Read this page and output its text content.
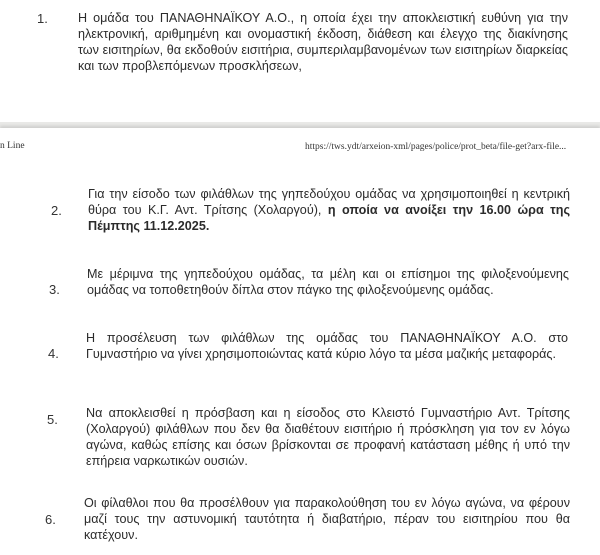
1. Η ομάδα του ΠΑΝΑΘΗΝΑΪΚΟΥ Α.Ο., η οποία έχει την αποκλειστική ευθύνη για την ηλεκτρονική, αριθμημένη και ονομαστική έκδοση, διάθεση και έλεγχο της διακίνησης των εισιτηρίων, θα εκδοθούν εισιτήρια, συμπεριλαμβανομένων των εισιτηρίων διαρκείας και των προβλεπόμενων προσκλήσεων,
n Line	https://tws.ydt/arxeion-xml/pages/police/prot_beta/file-get?arx-file...
2.
Για την είσοδο των φιλάθλων της γηπεδούχου ομάδας να χρησιμοποιηθεί η κεντρική θύρα του Κ.Γ. Αντ. Τρίτσης (Χολαργού), η οποία να ανοίξει την 16.00 ώρα της Πέμπτης 11.12.2025.
3.
Με μέριμνα της γηπεδούχου ομάδας, τα μέλη και οι επίσημοι της φιλοξενούμενης ομάδας να τοποθετηθούν δίπλα στον πάγκο της φιλοξενούμενης ομάδας.
4.
Η προσέλευση των φιλάθλων της ομάδας του ΠΑΝΑΘΗΝΑΪΚΟΥ Α.Ο. στο Γυμναστήριο να γίνει χρησιμοποιώντας κατά κύριο λόγο τα μέσα μαζικής μεταφοράς.
5. Να αποκλεισθεί η πρόσβαση και η είσοδος στο Κλειστό Γυμναστήριο Αντ. Τρίτσης (Χολαργού) φιλάθλων που δεν θα διαθέτουν εισιτήριο ή πρόσκληση για τον εν λόγω αγώνα, καθώς επίσης και όσων βρίσκονται σε προφανή κατάσταση μέθης ή υπό την επήρεια ναρκωτικών ουσιών.
6.
Οι φίλαθλοι που θα προσέλθουν για παρακολούθηση του εν λόγω αγώνα, να φέρουν μαζί τους την αστυνομική ταυτότητα ή διαβατήριο, πέραν του εισιτηρίου που θα κατέχουν.
